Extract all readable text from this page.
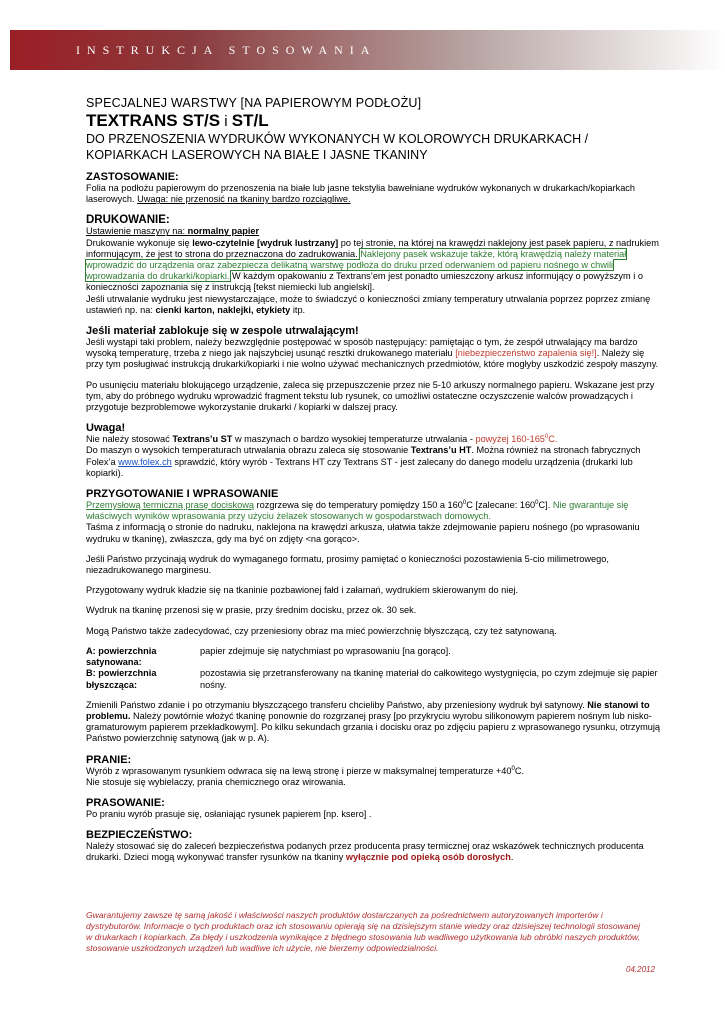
INSTRUKCJA STOSOWANIA

SPECJALNEJ WARSTWY [NA PAPIEROWYM PODŁOŻU]

TEXTRANS ST/S i ST/L

DO PRZENOSZENIA WYDRUKÓW WYKONANYCH W KOLOROWYCH DRUKARKACH / KOPIARKACH LASEROWYCH NA BIAŁE I JASNE TKANINY

ZASTOSOWANIE:

Folia na podłożu papierowym do przenoszenia na białe lub jasne tekstylia bawełniane wydruków wykonanych w drukarkach/kopiarkach laserowych. Uwaga: nie przenosić na tkaniny bardzo rozciągliwe.

DRUKOWANIE:

Ustawienie maszyny na: normalny papier

Drukowanie wykonuje się lewo-czytelnie [wydruk lustrzany] po tej stronie, na której na krawędzi naklejony jest pasek papieru, z nadrukiem informującym, że jest to strona do przeznaczona do zadrukowania. Naklejony pasek wskazuje także, którą krawędzią należy materiał wprowadzić do urządzenia oraz zabezpiecza delikatną warstwę podłoża do druku przed oderwaniem od papieru nośnego w chwili wprowadzania do drukarki/kopiarki. W każdym opakowaniu z Textrans’em jest ponadto umieszczony arkusz informujący o powyższym i o konieczności zapoznania się z instrukcją [tekst niemiecki lub angielski].

Jeśli utrwalanie wydruku jest niewystarczające, może to świadczyć o konieczności zmiany temperatury utrwalania poprzez poprzez zmianę ustawień np. na: cienki karton, naklejki, etykiety itp.

Jeśli materiał zablokuje się w zespole utrwalającym!

Jeśli wystąpi taki problem, należy bezwzględnie postępować w sposób następujący: pamiętając o tym, że zespół utrwalający ma bardzo wysoką temperaturę, trzeba z niego jak najszybciej usunąć resztki drukowanego materiału [niebezpieczeństwo zapalenia się!]. Należy się przy tym posługiwać instrukcją drukarki/kopiarki i nie wolno używać mechanicznych przedmiotów, które mogłyby uszkodzić zespoły maszyny.

Po usunięciu materiału blokującego urządzenie, zaleca się przepuszczenie przez nie 5-10 arkuszy normalnego papieru. Wskazane jest przy tym, aby do próbnego wydruku wprowadzić fragment tekstu lub rysunek, co umożliwi ostateczne oczyszczenie walców prowadzących i przygotuje bezproblemowe wykorzystanie drukarki / kopiarki w dalszej pracy.

Uwaga!

Nie należy stosować Textrans’u ST w maszynach o bardzo wysokiej temperaturze utrwalania - powyżej $160-165^0C$.

Do maszyn o wysokich temperaturach utrwalania obrazu zaleca się stosowanie Textrans’u HT. Można również na stronach fabrycznych Folex’a www.folex.ch sprawdzić, który wyrób - Textrans HT czy Textrans ST - jest zalecany do danego modelu urządzenia (drukarki lub kopiarki).

PRZYGOTOWANIE I WPRASOWANIE

Przemysłową termiczną prasę dociskową rozgrzewa się do temperatury pomiędzy 150 a $160^0C$ [zalecane: $160^0C$]. Nie gwarantuje się właściwych wyników wprasowania przy użyciu żelazek stosowanych w gospodarstwach domowych.

Taśma z informacją o stronie do nadruku, naklejona na krawędzi arkusza, ułatwia także zdejmowanie papieru nośnego (po wprasowaniu wydruku w tkaninę), zwłaszcza, gdy ma być on zdjęty <na gorąco>.

Jeśli Państwo przycinają wydruk do wymaganego formatu, prosimy pamiętać o konieczności pozostawienia 5-cio milimetrowego, niezadrukowanego marginesu.

Przygotowany wydruk kładzie się na tkaninie pozbawionej fałd i załamań, wydrukiem skierowanym do niej.

Wydruk na tkaninę przenosi się w prasie, przy średnim docisku, przez ok. 30 sek.

Mogą Państwo także zadecydować, czy przeniesiony obraz ma mieć powierzchnię błyszczącą, czy też satynowaną.

A: powierzchnia satynowana:
papier zdejmuje się natychmiast po wprasowaniu [na gorąco].
B: powierzchnia błyszcząca:
pozostawia się przetransferowany na tkaninę materiał do całkowitego wystygnięcia, po czym zdejmuje się papier nośny.

Zmienili Państwo zdanie i po otrzymaniu błyszczącego transferu chcieliby Państwo, aby przeniesiony wydruk był satynowy. Nie stanowi to problemu. Należy powtórnie włożyć tkaninę ponownie do rozgrzanej prasy [po przykryciu wyrobu silikonowym papierem nośnym lub nisko-gramaturowym papierem przekładkowym]. Po kilku sekundach grzania i docisku oraz po zdjęciu papieru z wprasowanego rysunku, otrzymują Państwo powierzchnię satynową (jak w p. A).

PRANIE:

Wyrób z wprasowanym rysunkiem odwraca się na lewą stronę i pierze w maksymalnej temperaturze $+40^0C$.

Nie stosuje się wybielaczy, prania chemicznego oraz wirowania.

PRASOWANIE:

Po praniu wyrób prasuje się, osłaniając rysunek papierem [np. ksero] .

BEZPIECZEŃSTWO:

Należy stosować się do zaleceń bezpieczeństwa podanych przez producenta prasy termicznej oraz wskazówek technicznych producenta drukarki. Dzieci mogą wykonywać transfer rysunków na tkaniny wyłącznie pod opieką osób dorosłych.

Gwarantujemy zawsze tę samą jakość i właściwości naszych produktów dostarczanych za pośrednictwem autoryzowanych importerów i dystrybutorów. Informacje o tych produktach oraz ich stosowaniu opierają się na dzisiejszym stanie wiedzy oraz dzisiejszej technologii stosowanej w drukarkach i kopiarkach. Za błędy i uszkodzenia wynikające z błędnego stosowania lub wadliwego użytkowania lub obróbki naszych produktów, stosowanie uszkodzonych urządzeń lub wadliwe ich użycie, nie bierzemy odpowiedzialności.

04.2012
